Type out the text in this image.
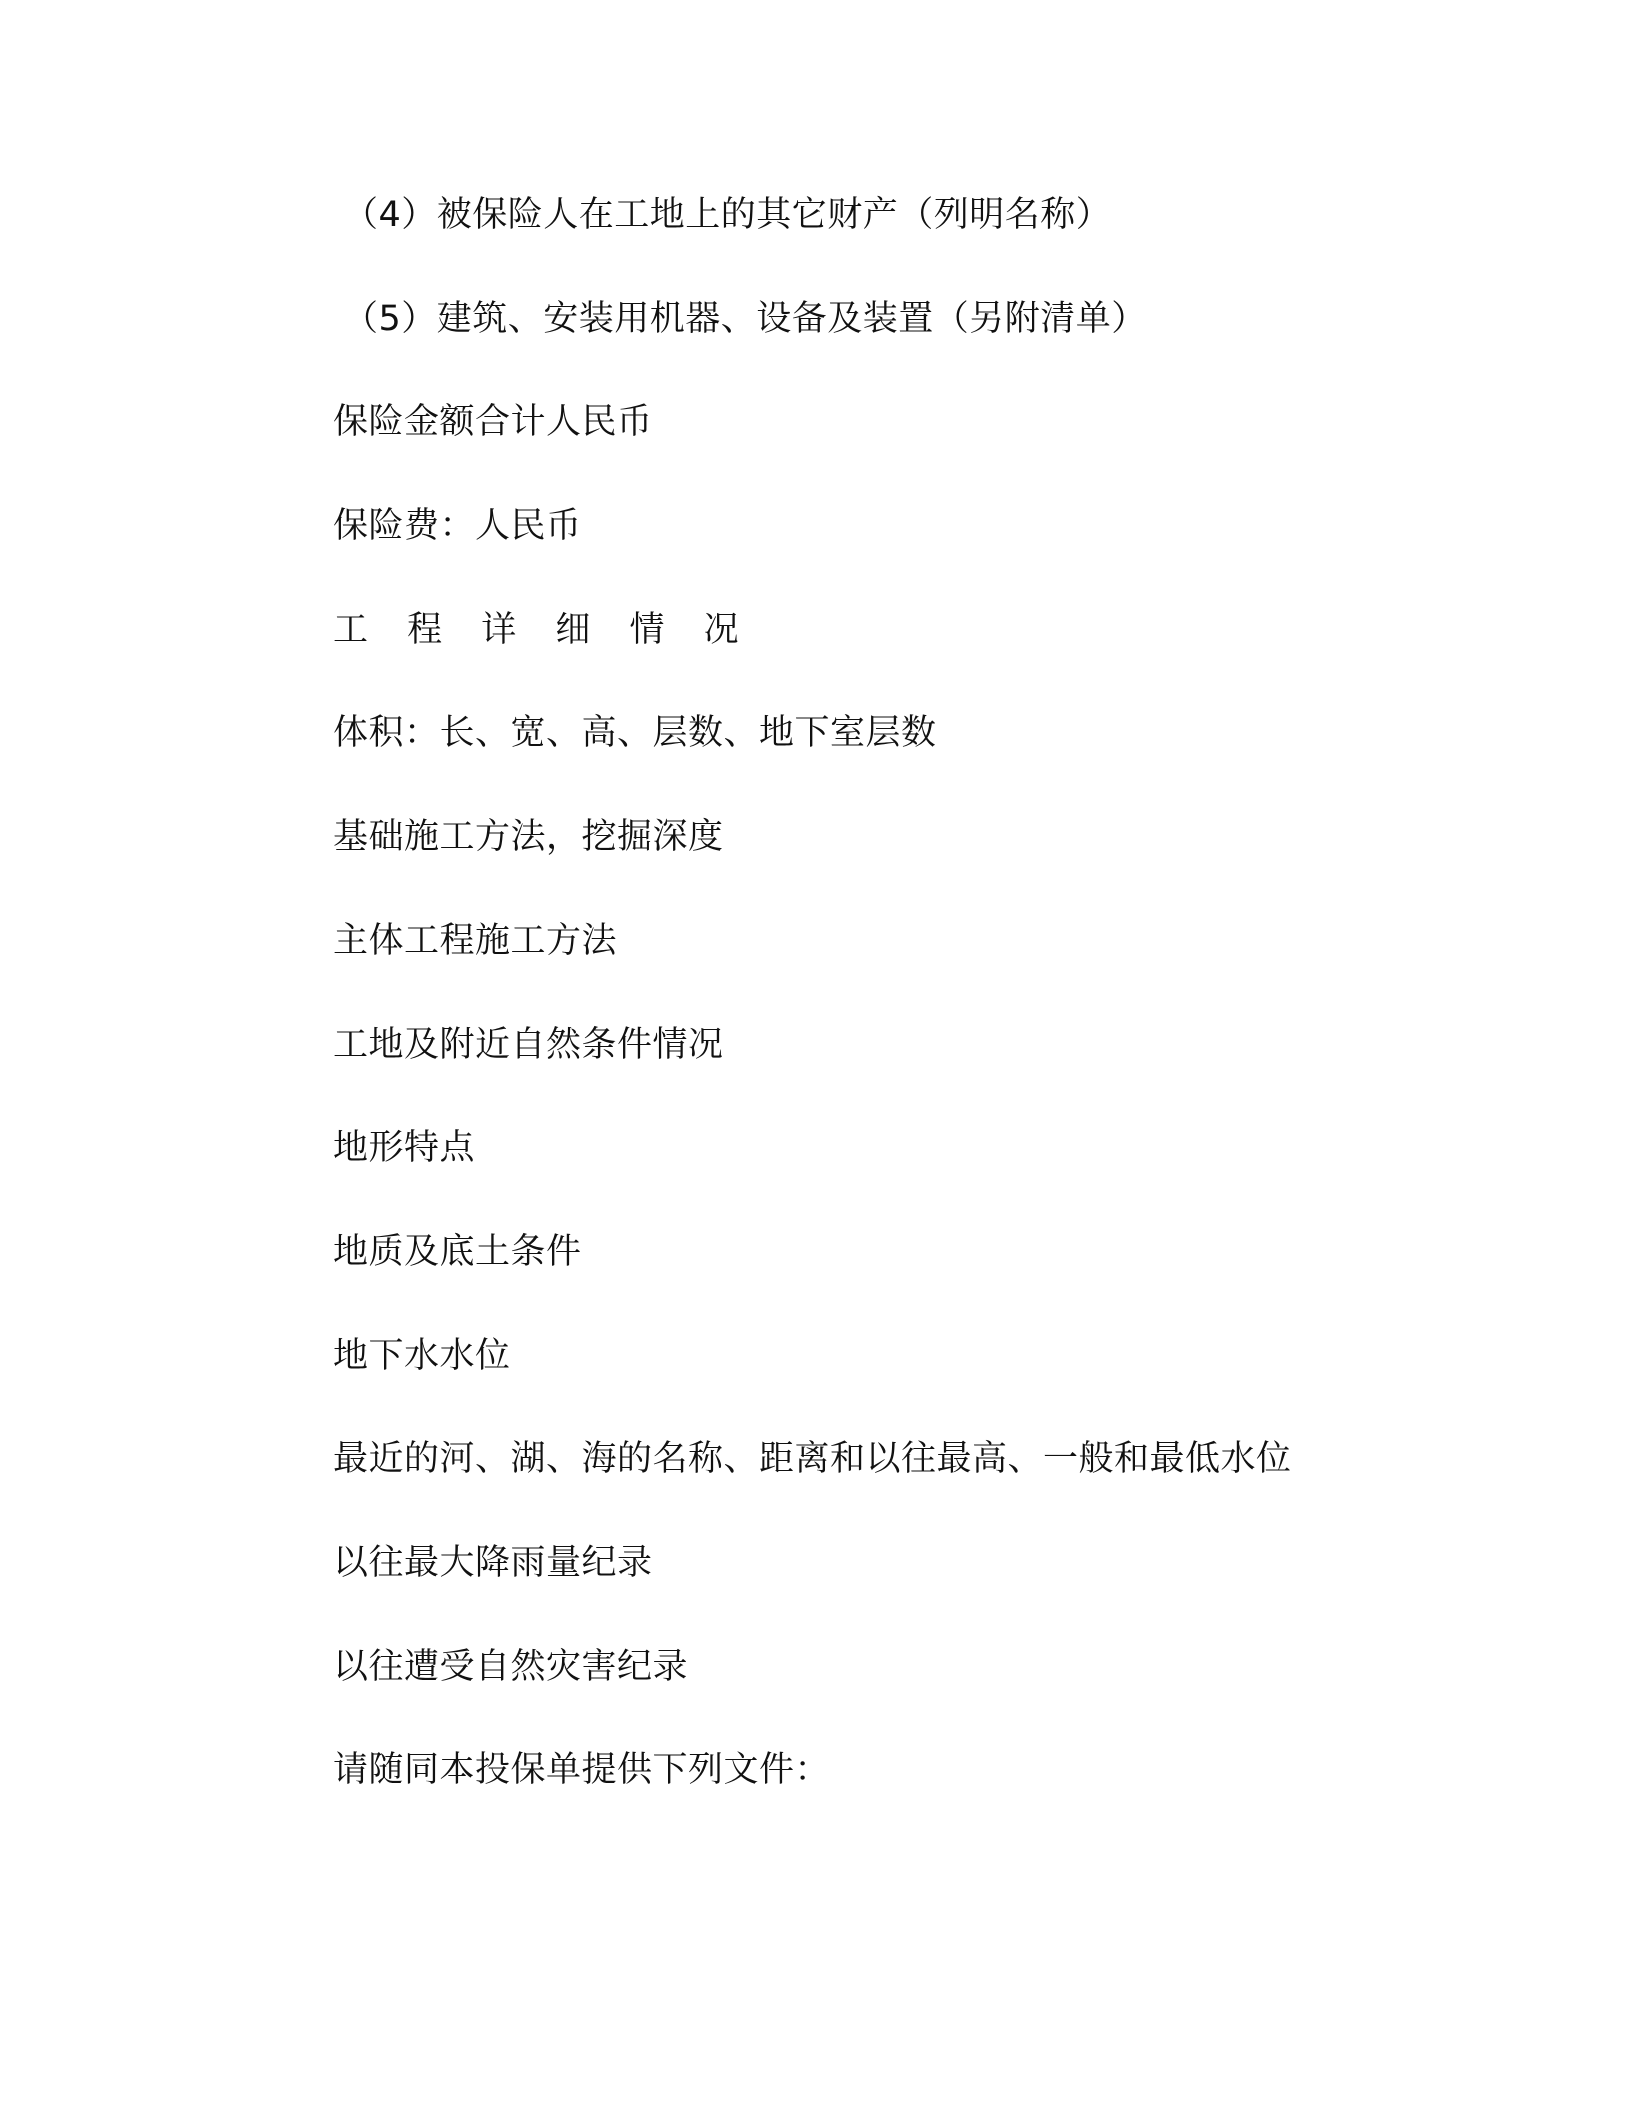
（4）被保险人在工地上的其它财产（列明名称）
（5）建筑、安装用机器、设备及装置（另附清单）
保险金额合计人民币
保险费：人民币
工 程 详 细 情 况
体积：长、宽、高、层数、地下室层数
基础施工方法，挖掘深度
主体工程施工方法
工地及附近自然条件情况
地形特点
地质及底土条件
地下水水位
最近的河、湖、海的名称、距离和以往最高、一般和最低水位
以往最大降雨量纪录
以往遭受自然灾害纪录
请随同本投保单提供下列文件：
